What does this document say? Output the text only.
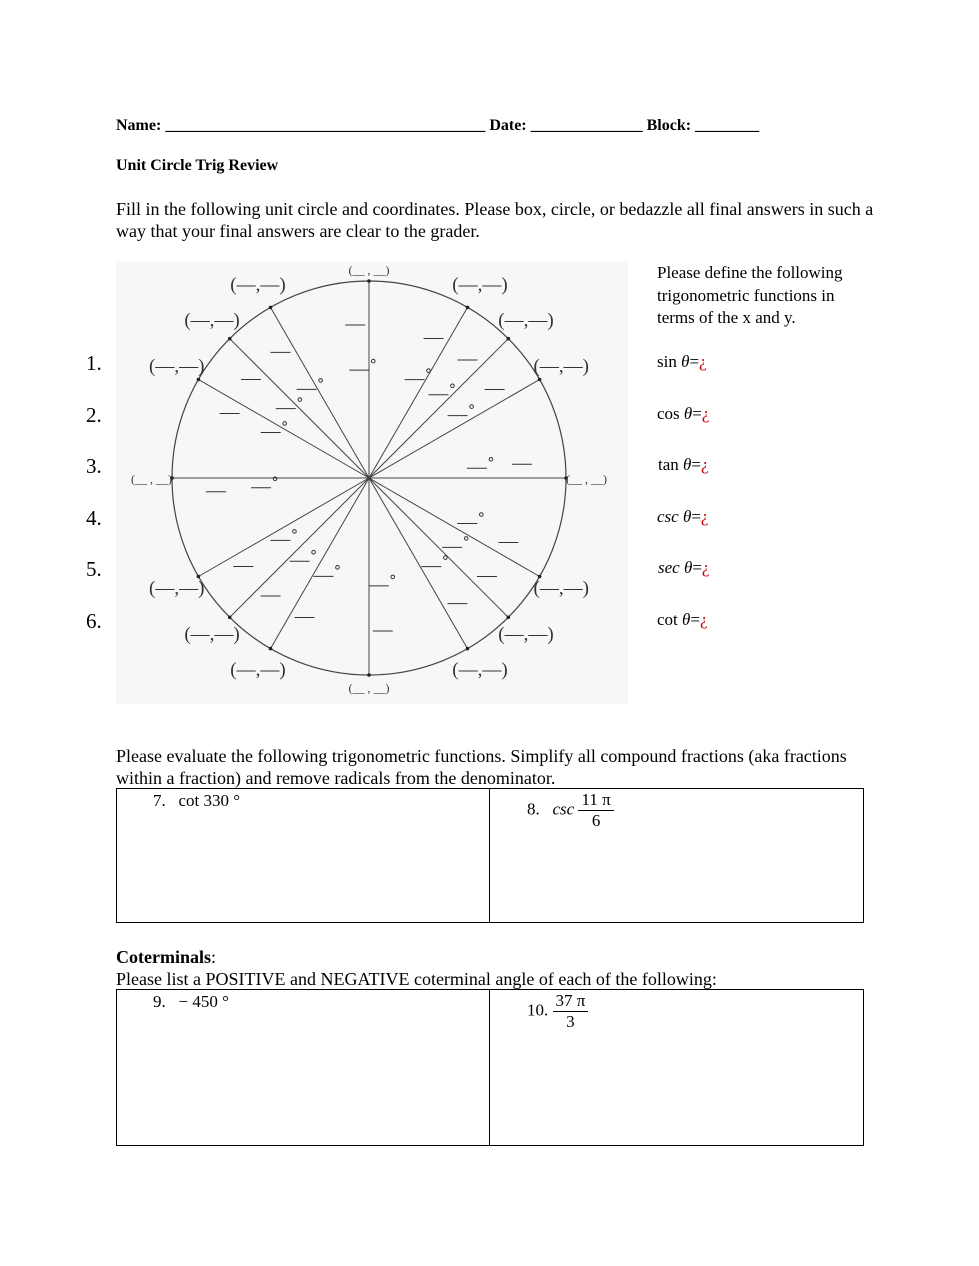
Name: ________________________________________ Date: ______________ Block: ________
Unit Circle Trig Review
Fill in the following unit circle and coordinates. Please box, circle, or bedazzle all final answers in such a way that your final answers are clear to the grader.
(__ , __)
(—,—)
(—,—)
(—,—)
(__ , __)
(—,—)
(—,—)
(—,—)
(__ , __)
(—,—)
(—,—)
(—,—)
(__ , __)
(—,—)
(—,—)
(—,—)
1.
2.
3.
4.
5.
6.
Please define the following trigonometric functions in terms of the x and y.
sin θ=¿
cos θ=¿
tan θ=¿
csc θ=¿
sec θ=¿
cot θ=¿
Please evaluate the following trigonometric functions. Simplify all compound fractions (aka fractions within a fraction) and remove radicals from the denominator.
7. cot 330 °	8. $\csc \frac{11 \pi}{6}$
Coterminals:
Please list a POSITIVE and NEGATIVE coterminal angle of each of the following:
9. − 450 °	10. $\frac{37 \pi}{3}$
